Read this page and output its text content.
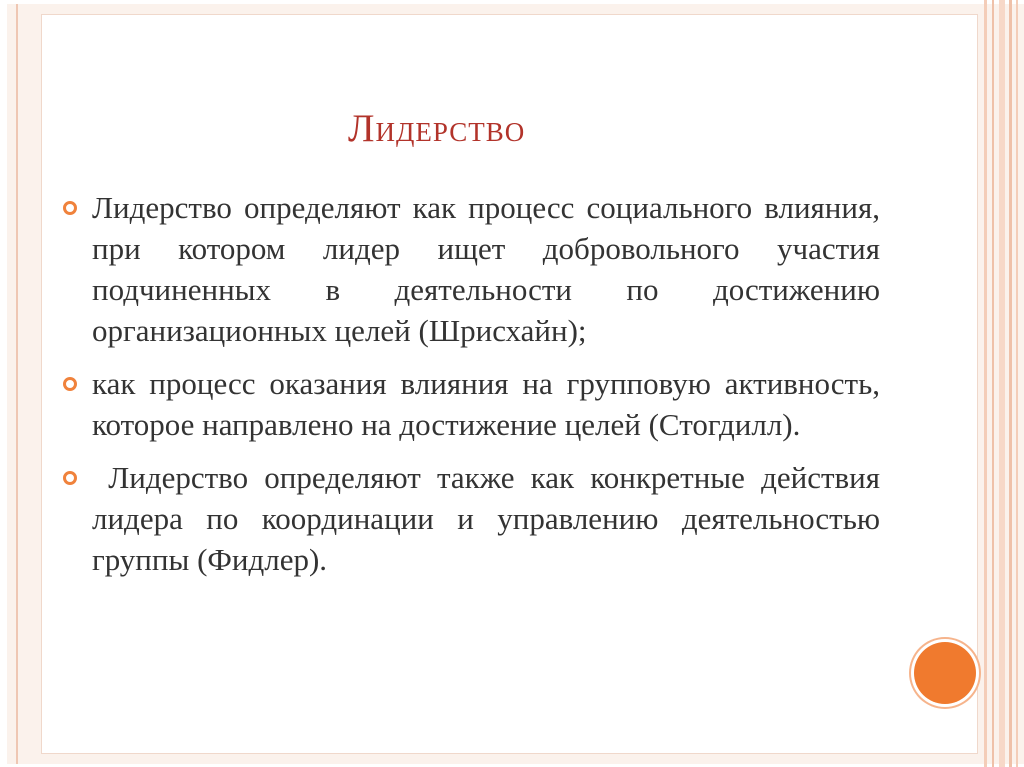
Лидерство
Лидерство определяют как процесс социального влияния, при котором лидер ищет добровольного участия подчиненных в деятельности по достижению организационных целей (Шрисхайн);
как процесс оказания влияния на групповую активность, которое направлено на достижение целей (Стогдилл).
Лидерство определяют также как конкретные действия лидера по координации и управлению деятельностью группы (Фидлер).
